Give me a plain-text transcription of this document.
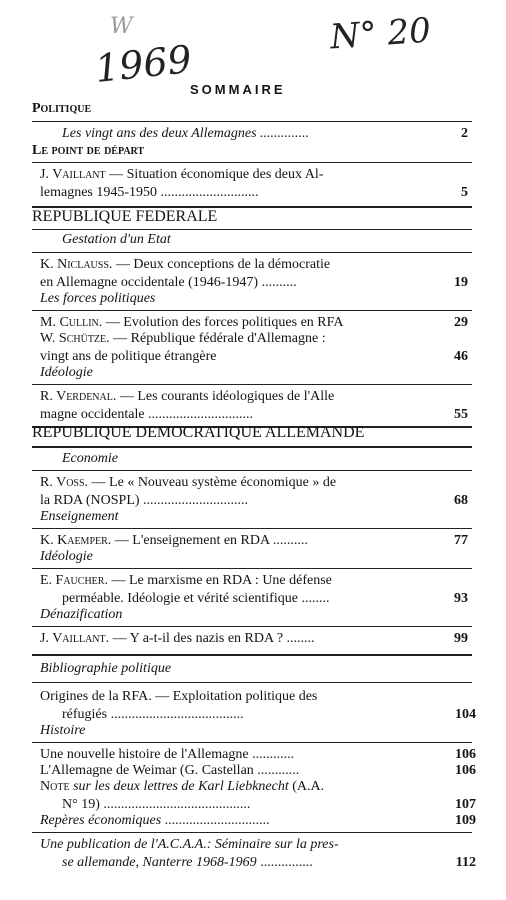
W
1969
N° 20
SOMMAIRE
Politique
Les vingt ans des deux Allemagnes ..............	2
Le point de départ
J. Vaillant — Situation économique des deux Al-
lemagnes 1945-1950 ............................	5
REPUBLIQUE FEDERALE
Gestation d'un Etat
K. Niclauss. — Deux conceptions de la démocratie
en Allemagne occidentale (1946-1947) ..........	19
Les forces politiques
M. Cullin. — Evolution des forces politiques en RFA	29
W. Schütze. — République fédérale d'Allemagne :
vingt ans de politique étrangère	46
Idéologie
R. Verdenal. — Les courants idéologiques de l'Alle
magne occidentale ..............................	55
REPUBLIQUE DEMOCRATIQUE ALLEMANDE
Economie
R. Voss. — Le « Nouveau système économique » de
la RDA (NOSPL) ..............................	68
Enseignement
K. Kaemper. — L'enseignement en RDA ..........	77
Idéologie
E. Faucher. — Le marxisme en RDA : Une défense
perméable. Idéologie et vérité scientifique ........	93
Dénazification
J. Vaillant. — Y a-t-il des nazis en RDA ? ........	99
Bibliographie politique
Origines de la RFA. — Exploitation politique des
réfugiés ......................................	104
Histoire
Une nouvelle histoire de l'Allemagne ............	106
L'Allemagne de Weimar (G. Castellan ............	106
Note sur les deux lettres de Karl Liebknecht (A.A.
N° 19) ..........................................	107
Repères économiques ..............................	109
Une publication de l'A.C.A.A.: Séminaire sur la pres-
se allemande, Nanterre 1968-1969 ...............	112
